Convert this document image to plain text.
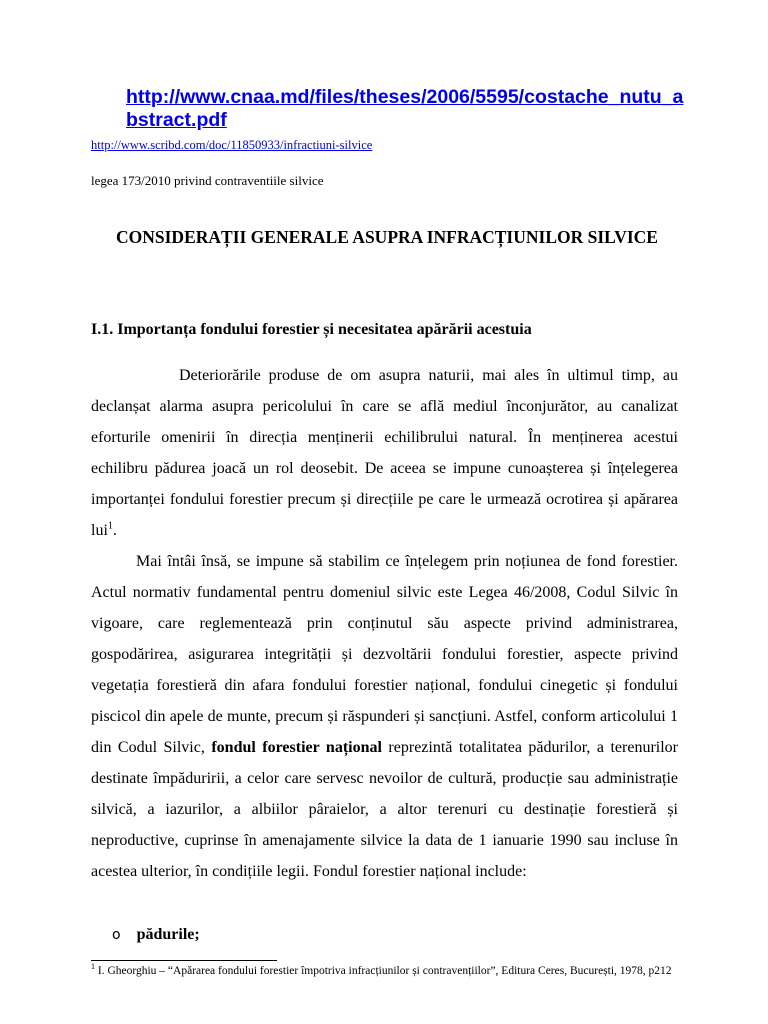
http://www.cnaa.md/files/theses/2006/5595/costache_nutu_abstract.pdf
http://www.scribd.com/doc/11850933/infractiuni-silvice
legea 173/2010 privind contraventiile silvice
CONSIDERAȚII GENERALE ASUPRA INFRACȚIUNILOR SILVICE
I.1. Importanța fondului forestier și necesitatea apărării acestuia

Deteriorările produse de om asupra naturii, mai ales în ultimul timp, au declanșat alarma asupra pericolului în care se află mediul înconjurător, au canalizat eforturile omenirii în direcția menținerii echilibrului natural. În menținerea acestui echilibru pădurea joacă un rol deosebit. De aceea se impune cunoașterea și înțelegerea importanței fondului forestier precum și direcțiile pe care le urmează ocrotirea și apărarea lui$^1$.

Mai întâi însă, se impune să stabilim ce înțelegem prin noțiunea de fond forestier. Actul normativ fundamental pentru domeniul silvic este Legea 46/2008, Codul Silvic în vigoare, care reglementează prin conținutul său aspecte privind administrarea, gospodărirea, asigurarea integrității și dezvoltării fondului forestier, aspecte privind vegetația forestieră din afara fondului forestier național, fondului cinegetic și fondului piscicol din apele de munte, precum și răspunderi și sancțiuni. Astfel, conform articolului 1 din Codul Silvic, fondul forestier național reprezintă totalitatea pădurilor, a terenurilor destinate împăduririi, a celor care servesc nevoilor de cultură, producție sau administrație silvică, a iazurilor, a albiilor pâraielor, a altor terenuri cu destinație forestieră și neproductive, cuprinse în amenajamente silvice la data de 1 ianuarie 1990 sau incluse în acestea ulterior, în condițiile legii. Fondul forestier național include:

o pădurile;
$^1$ I. Gheorghiu – “Apărarea fondului forestier împotriva infracțiunilor și contravențiilor”, Editura Ceres, București, 1978, p212
